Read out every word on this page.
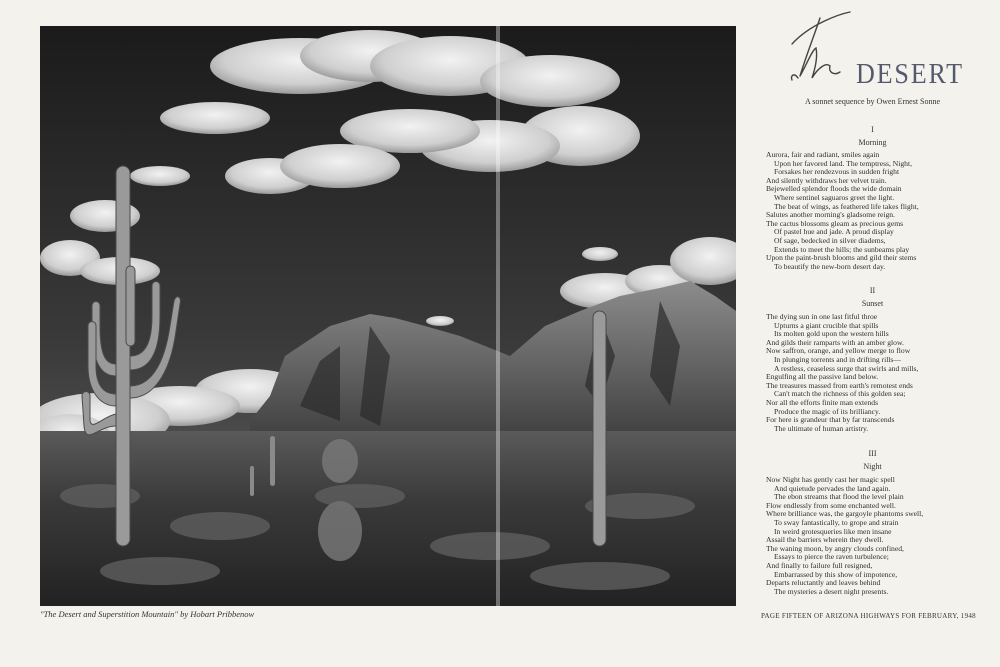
"The Desert and Superstition Mountain" by Hobart Pribbenow
DESERT
A sonnet sequence by Owen Ernest Sonne
I
Morning
Aurora, fair and radiant, smiles again
Upon her favored land. The temptress, Night,
Forsakes her rendezvous in sudden fright
And silently withdraws her velvet train.
Bejewelled splendor floods the wide domain
Where sentinel saguaros greet the light.
The beat of wings, as feathered life takes flight,
Salutes another morning's gladsome reign.
The cactus blossoms gleam as precious gems
Of pastel hue and jade. A proud display
Of sage, bedecked in silver diadems,
Extends to meet the hills; the sunbeams play
Upon the paint-brush blooms and gild their stems
To beautify the new-born desert day.
II
Sunset
The dying sun in one last fitful throe
Upturns a giant crucible that spills
Its molten gold upon the western hills
And gilds their ramparts with an amber glow.
Now saffron, orange, and yellow merge to flow
In plunging torrents and in drifting rills—
A restless, ceaseless surge that swirls and mills,
Engulfing all the passive land below.
The treasures massed from earth's remotest ends
Can't match the richness of this golden sea;
Nor all the efforts finite man extends
Produce the magic of its brilliancy.
For here is grandeur that by far transcends
The ultimate of human artistry.
III
Night
Now Night has gently cast her magic spell
And quietude pervades the land again.
The ebon streams that flood the level plain
Flow endlessly from some enchanted well.
Where brilliance was, the gargoyle phantoms swell,
To sway fantastically, to grope and strain
In weird grotesqueries like men insane
Assail the barriers wherein they dwell.
The waning moon, by angry clouds confined,
Essays to pierce the raven turbulence;
And finally to failure full resigned,
Embarrassed by this show of impotence,
Departs reluctantly and leaves behind
The mysteries a desert night presents.
PAGE FIFTEEN OF ARIZONA HIGHWAYS FOR FEBRUARY, 1948
